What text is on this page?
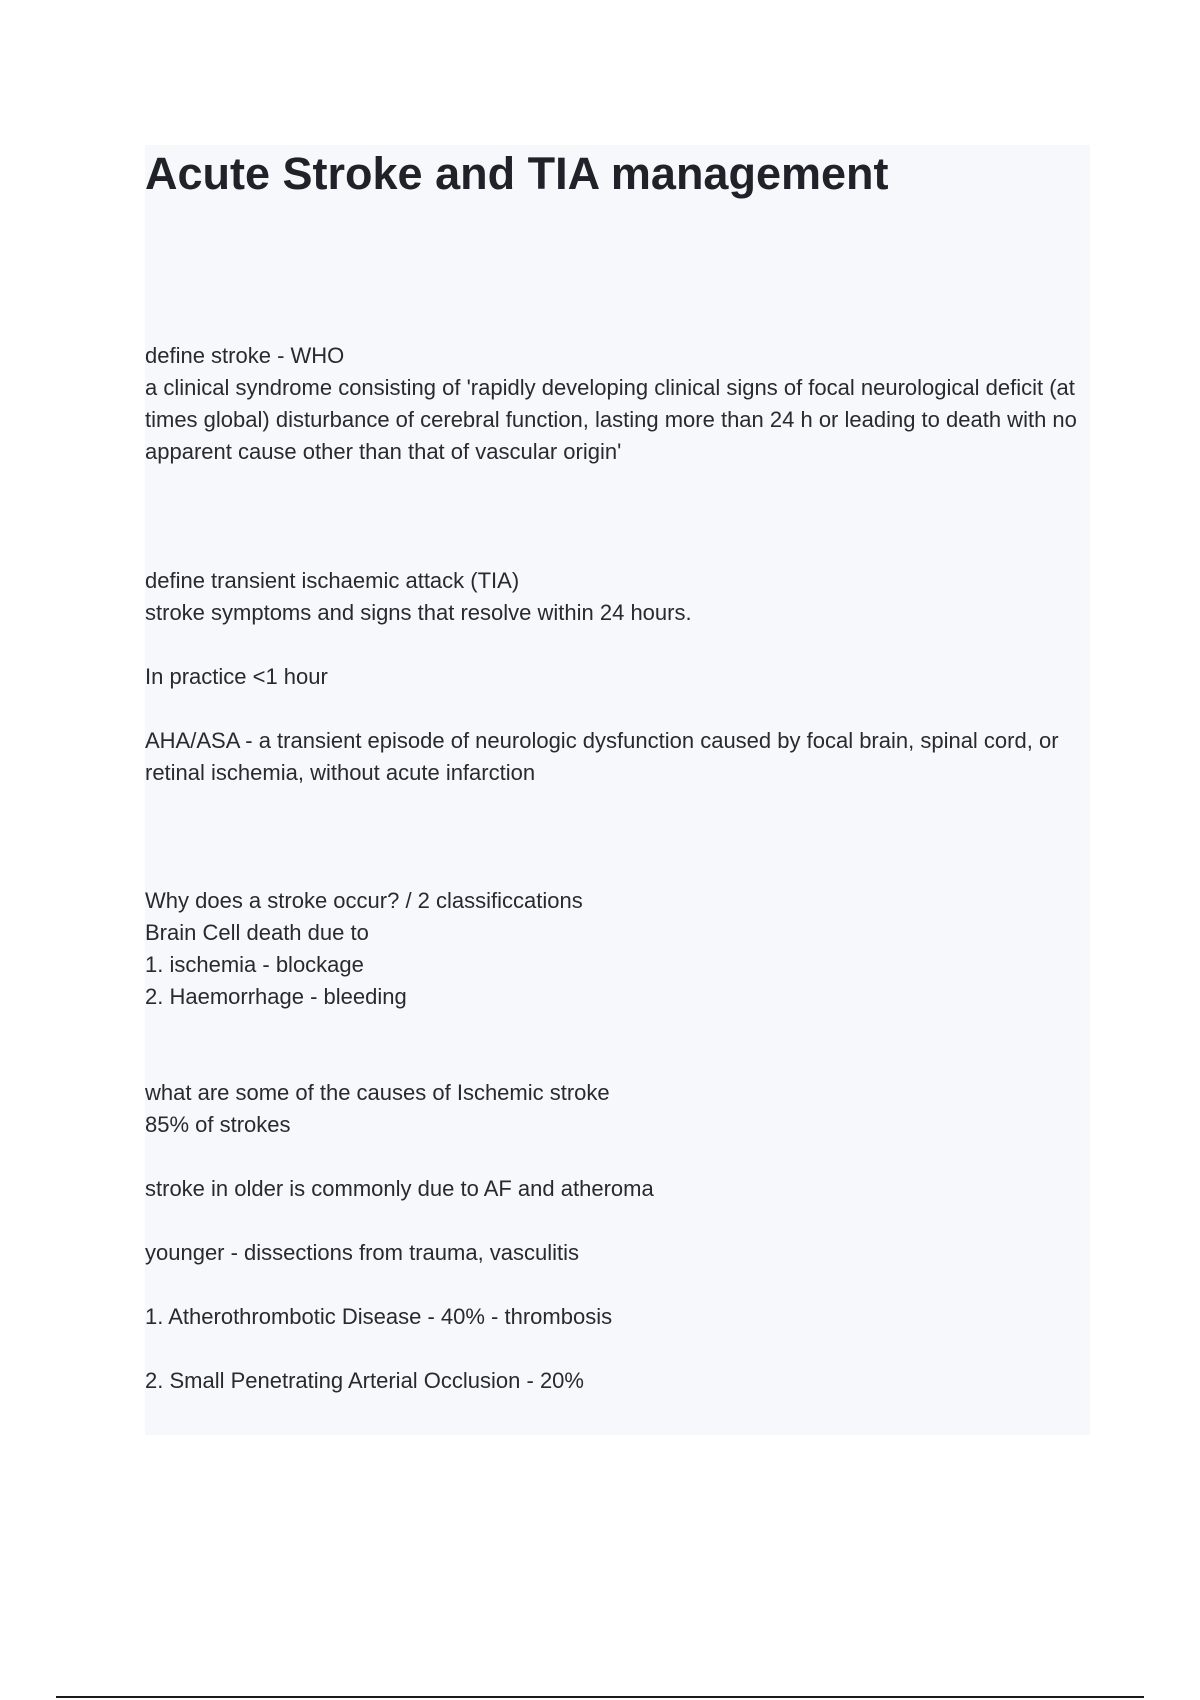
Acute Stroke and TIA management

define stroke - WHO

a clinical syndrome consisting of 'rapidly developing clinical signs of focal neurological deficit (at times global) disturbance of cerebral function, lasting more than 24 h or leading to death with no apparent cause other than that of vascular origin'

define transient ischaemic attack (TIA)

stroke symptoms and signs that resolve within 24 hours.

In practice <1 hour

AHA/ASA - a transient episode of neurologic dysfunction caused by focal brain, spinal cord, or retinal ischemia, without acute infarction

Why does a stroke occur? / 2 classificcations

Brain Cell death due to

1. ischemia - blockage

2. Haemorrhage - bleeding

what are some of the causes of Ischemic stroke

85% of strokes

stroke in older is commonly due to AF and atheroma

younger - dissections from trauma, vasculitis

1. Atherothrombotic Disease - 40% - thrombosis

2. Small Penetrating Arterial Occlusion - 20%
